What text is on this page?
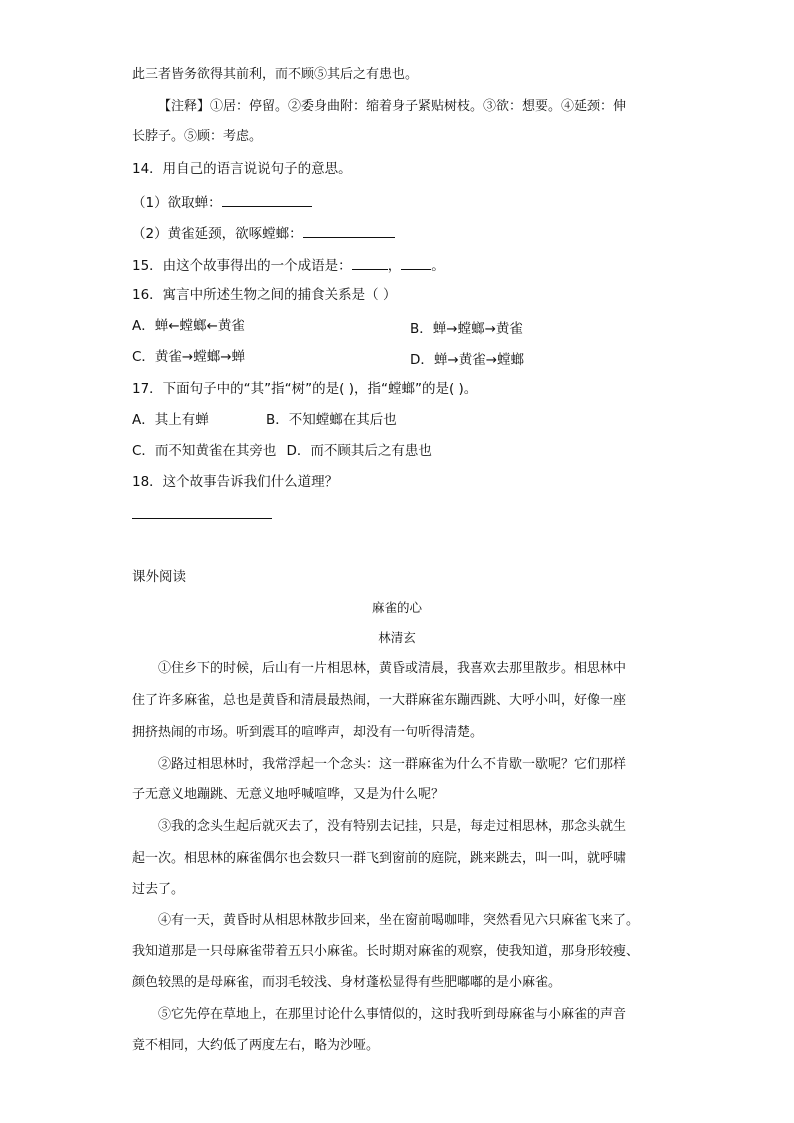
此三者皆务欲得其前利，而不顾⑤其后之有患也。
【注释】①居：停留。②委身曲附：缩着身子紧贴树枝。③欲：想要。④延颈：伸
长脖子。⑤顾：考虑。
14．用自己的语言说说句子的意思。
（1）欲取蝉：
（2）黄雀延颈，欲啄螳螂：
15．由这个故事得出的一个成语是：	， 。
16．寓言中所述生物之间的捕食关系是（ ）
A．蝉←螳螂←黄雀	B．蝉→螳螂→黄雀
C．黄雀→螳螂→蝉	D．蝉→黄雀→螳螂
17．下面句子中的“其”指“树”的是( )，指“螳螂”的是( )。
A．其上有蝉	B．不知螳螂在其后也
C．而不知黄雀在其旁也 D．而不顾其后之有患也
18．这个故事告诉我们什么道理？
课外阅读
麻雀的心
林清玄
①住乡下的时候，后山有一片相思林，黄昏或清晨，我喜欢去那里散步。相思林中
住了许多麻雀，总也是黄昏和清晨最热闹，一大群麻雀东蹦西跳、大呼小叫，好像一座
拥挤热闹的市场。听到震耳的喧哗声，却没有一句听得清楚。
②路过相思林时，我常浮起一个念头：这一群麻雀为什么不肯歇一歇呢？它们那样
子无意义地蹦跳、无意义地呼喊喧哗，又是为什么呢？
③我的念头生起后就灭去了，没有特别去记挂，只是，每走过相思林，那念头就生
起一次。相思林的麻雀偶尔也会数只一群飞到窗前的庭院，跳来跳去，叫一叫，就呼啸
过去了。
④有一天，黄昏时从相思林散步回来，坐在窗前喝咖啡，突然看见六只麻雀飞来了。
我知道那是一只母麻雀带着五只小麻雀。长时期对麻雀的观察，使我知道，那身形较瘦、
颜色较黑的是母麻雀，而羽毛较浅、身材蓬松显得有些肥嘟嘟的是小麻雀。
⑤它先停在草地上，在那里讨论什么事情似的，这时我听到母麻雀与小麻雀的声音
竟不相同，大约低了两度左右，略为沙哑。
